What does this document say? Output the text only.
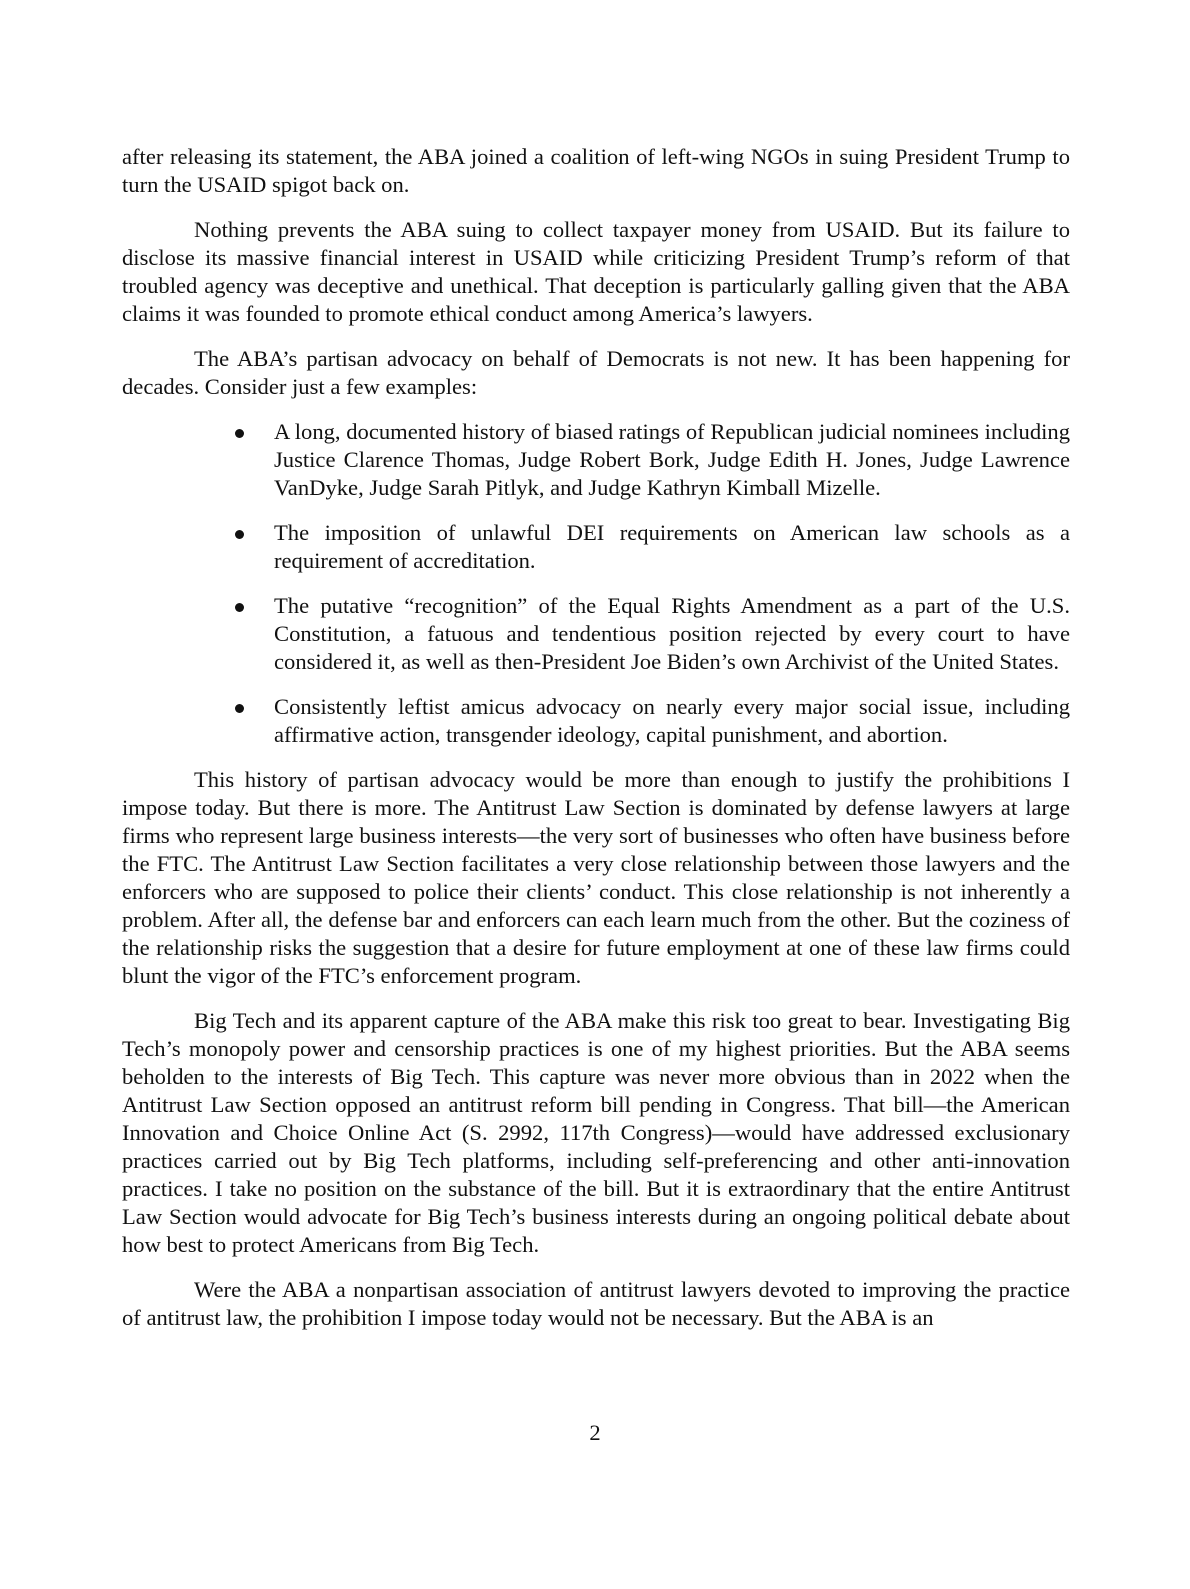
after releasing its statement, the ABA joined a coalition of left-wing NGOs in suing President Trump to turn the USAID spigot back on.

Nothing prevents the ABA suing to collect taxpayer money from USAID. But its failure to disclose its massive financial interest in USAID while criticizing President Trump’s reform of that troubled agency was deceptive and unethical. That deception is particularly galling given that the ABA claims it was founded to promote ethical conduct among America’s lawyers.

The ABA’s partisan advocacy on behalf of Democrats is not new. It has been happening for decades. Consider just a few examples:

A long, documented history of biased ratings of Republican judicial nominees including Justice Clarence Thomas, Judge Robert Bork, Judge Edith H. Jones, Judge Lawrence VanDyke, Judge Sarah Pitlyk, and Judge Kathryn Kimball Mizelle.
The imposition of unlawful DEI requirements on American law schools as a requirement of accreditation.
The putative “recognition” of the Equal Rights Amendment as a part of the U.S. Constitution, a fatuous and tendentious position rejected by every court to have considered it, as well as then-President Joe Biden’s own Archivist of the United States.
Consistently leftist amicus advocacy on nearly every major social issue, including affirmative action, transgender ideology, capital punishment, and abortion.

This history of partisan advocacy would be more than enough to justify the prohibitions I impose today. But there is more. The Antitrust Law Section is dominated by defense lawyers at large firms who represent large business interests—the very sort of businesses who often have business before the FTC. The Antitrust Law Section facilitates a very close relationship between those lawyers and the enforcers who are supposed to police their clients’ conduct. This close relationship is not inherently a problem. After all, the defense bar and enforcers can each learn much from the other. But the coziness of the relationship risks the suggestion that a desire for future employment at one of these law firms could blunt the vigor of the FTC’s enforcement program.

Big Tech and its apparent capture of the ABA make this risk too great to bear. Investigating Big Tech’s monopoly power and censorship practices is one of my highest priorities. But the ABA seems beholden to the interests of Big Tech. This capture was never more obvious than in 2022 when the Antitrust Law Section opposed an antitrust reform bill pending in Congress. That bill—the American Innovation and Choice Online Act (S. 2992, 117th Congress)—would have addressed exclusionary practices carried out by Big Tech platforms, including self-preferencing and other anti-innovation practices. I take no position on the substance of the bill. But it is extraordinary that the entire Antitrust Law Section would advocate for Big Tech’s business interests during an ongoing political debate about how best to protect Americans from Big Tech.

Were the ABA a nonpartisan association of antitrust lawyers devoted to improving the practice of antitrust law, the prohibition I impose today would not be necessary. But the ABA is an

2
